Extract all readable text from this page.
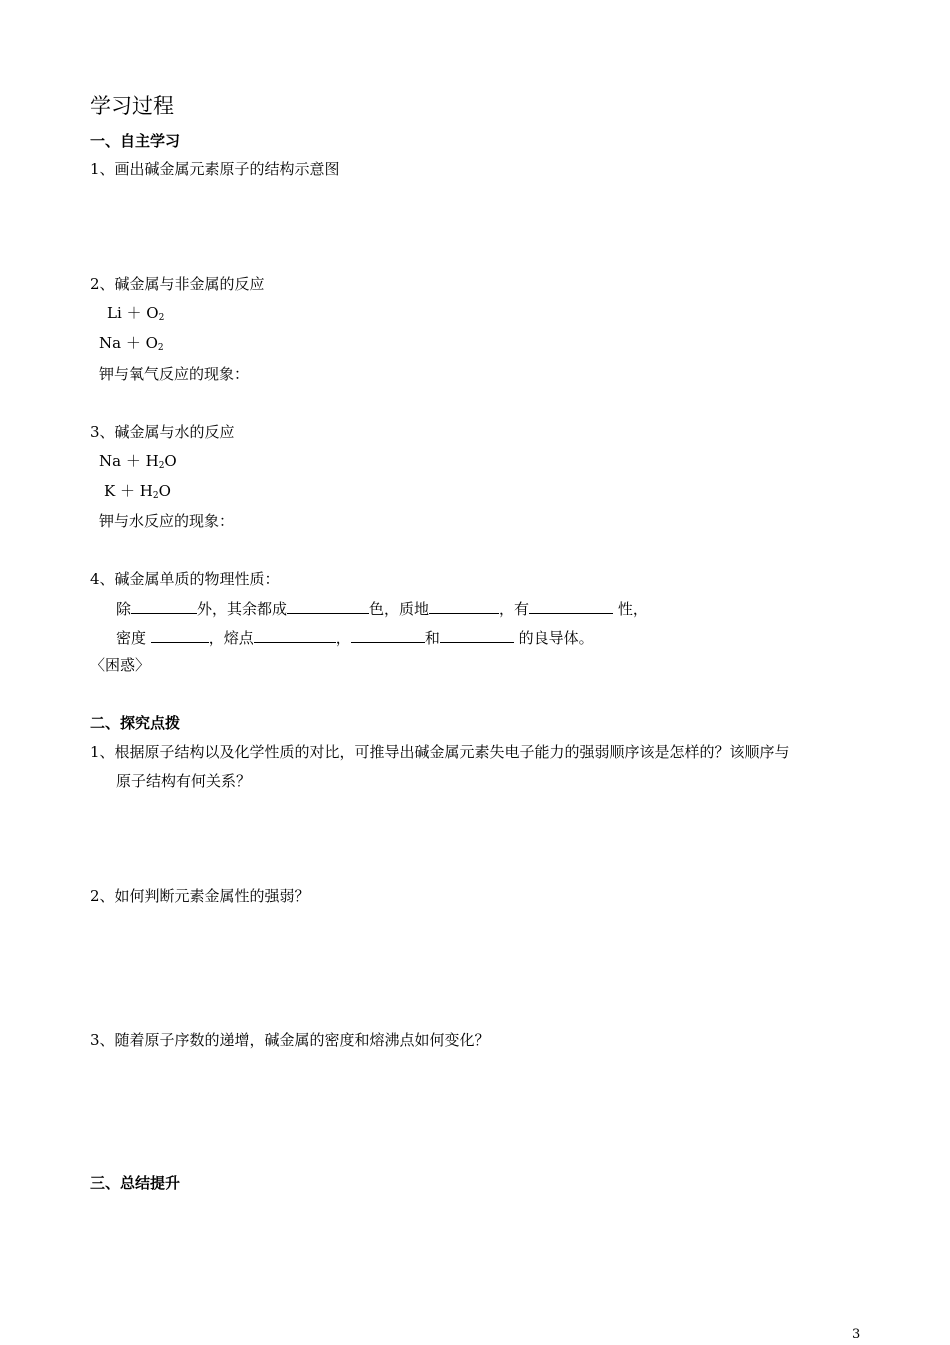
学习过程
一、自主学习
1、画出碱金属元素原子的结构示意图
2、碱金属与非金属的反应
$Li + O_2$
$Na + O_2$
钾与氧气反应的现象：
3、碱金属与水的反应
$Na + H_2O$
$K + H_2O$
钾与水反应的现象：
4、碱金属单质的物理性质：
除	外，其余都成	色，质地	，有	性，
密度	，熔点	，	和	的良导体。
〈困惑〉
二、探究点拨
1、根据原子结构以及化学性质的对比，可推导出碱金属元素失电子能力的强弱顺序该是怎样的？该顺序与
原子结构有何关系？
2、如何判断元素金属性的强弱？
3、随着原子序数的递增，碱金属的密度和熔沸点如何变化？
三、总结提升
3
